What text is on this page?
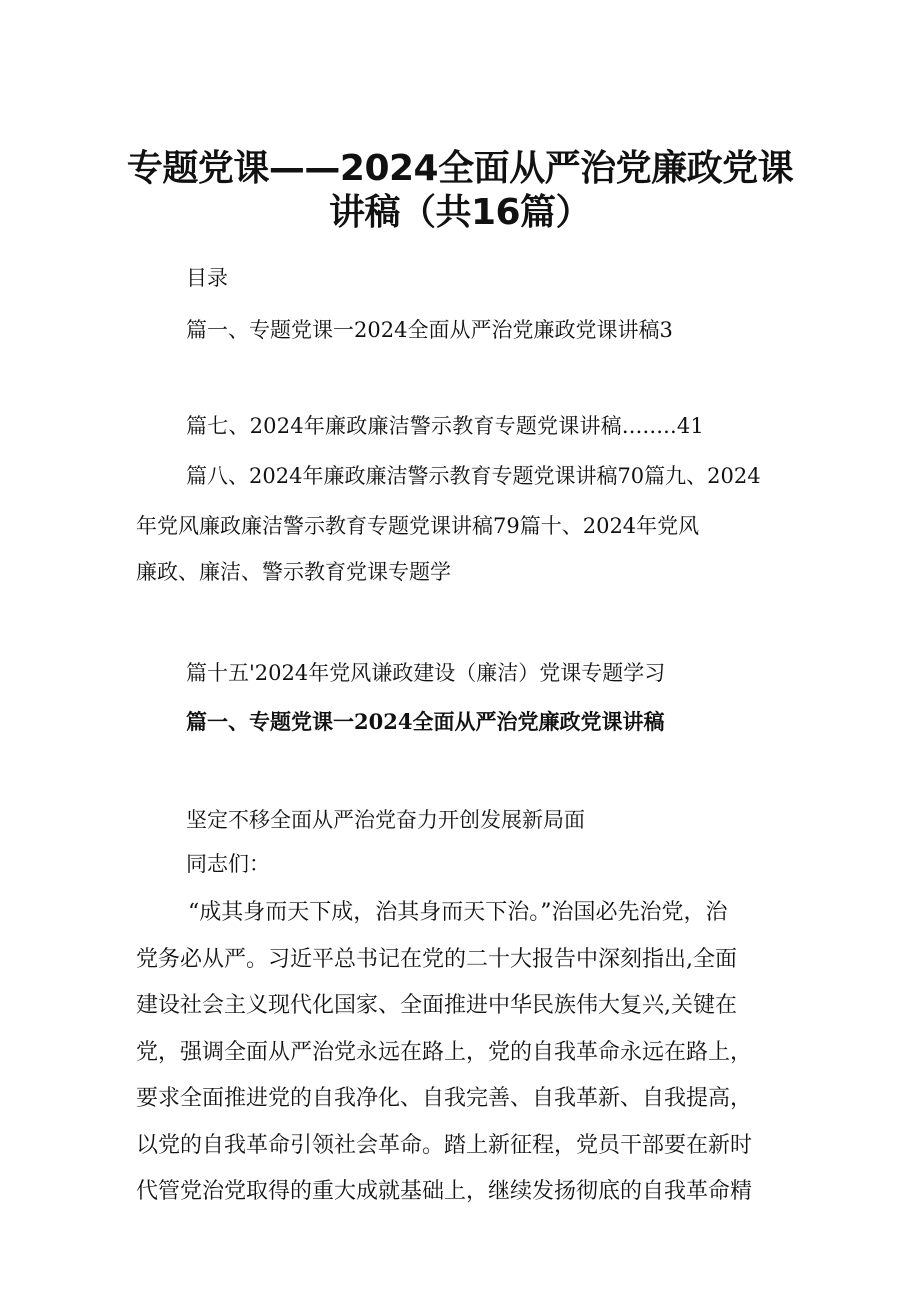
专题党课——2024全面从严治党廉政党课
讲稿（共16篇）
目录
篇一、专题党课一2024全面从严治党廉政党课讲稿3
篇七、2024年廉政廉洁警示教育专题党课讲稿........41
篇八、2024年廉政廉洁警示教育专题党课讲稿70篇九、2024
年党风廉政廉洁警示教育专题党课讲稿79篇十、2024年党风
廉政、廉洁、警示教育党课专题学
篇十五'2024年党风谦政建设（廉洁）党课专题学习
篇一、专题党课一2024全面从严治党廉政党课讲稿
坚定不移全面从严治党奋力开创发展新局面
同志们：
“成其身而天下成，治其身而天下治。”治国必先治党，治
党务必从严。习近平总书记在党的二十大报告中深刻指出,全面
建设社会主义现代化国家、全面推进中华民族伟大复兴,关键在
党，强调全面从严治党永远在路上，党的自我革命永远在路上，
要求全面推进党的自我净化、自我完善、自我革新、自我提高，
以党的自我革命引领社会革命。踏上新征程，党员干部要在新时
代管党治党取得的重大成就基础上，继续发扬彻底的自我革命精
